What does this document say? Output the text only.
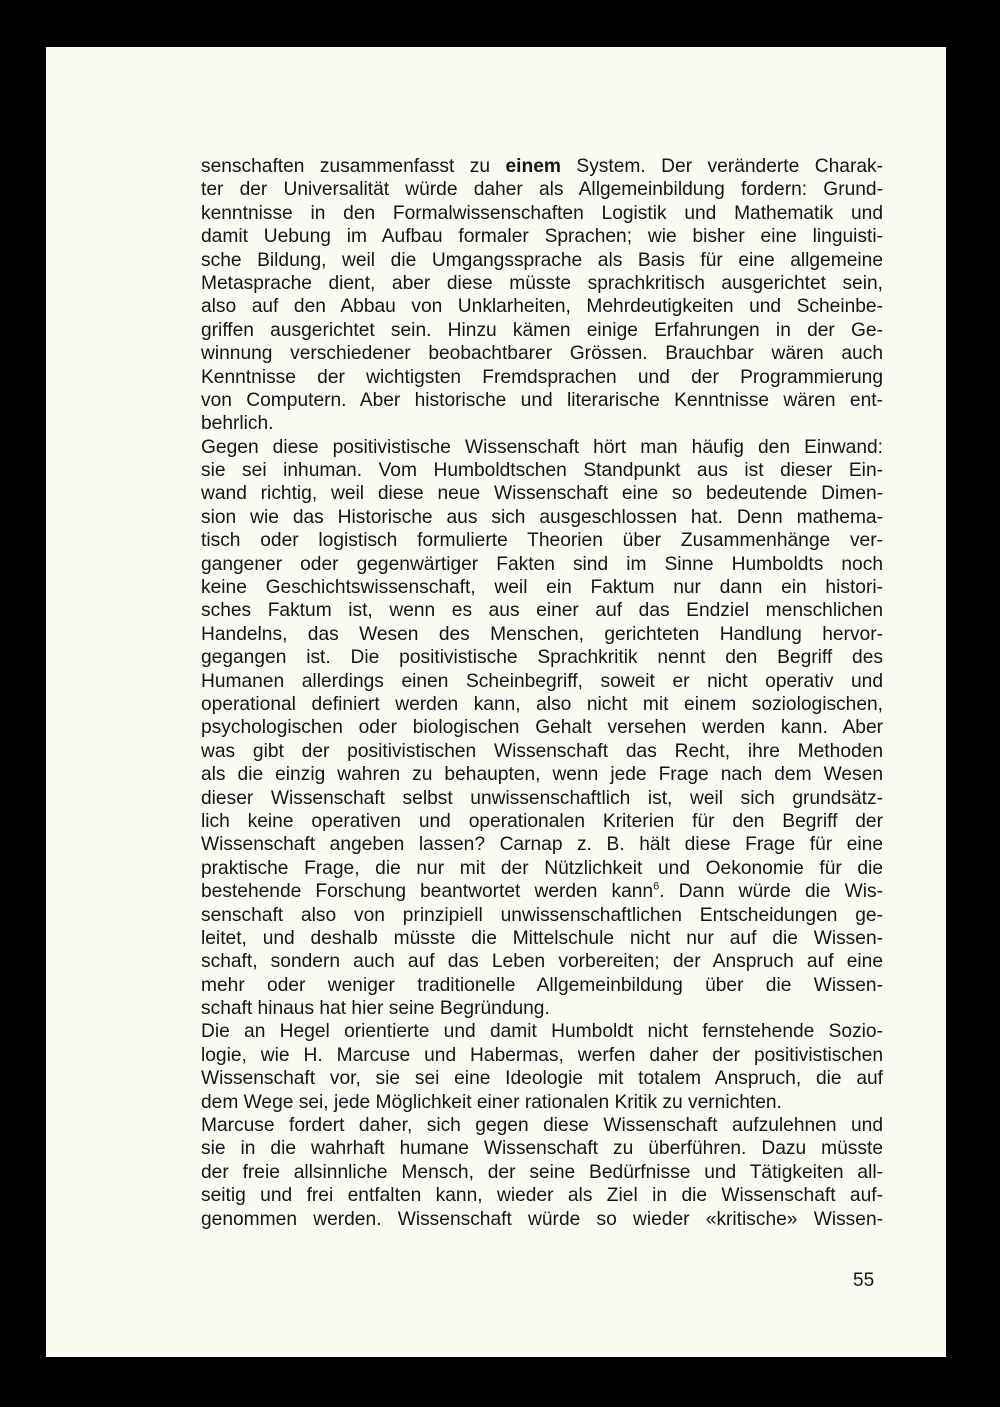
senschaften zusammenfasst zu einem System. Der veränderte Charak-
ter der Universalität würde daher als Allgemeinbildung fordern: Grund-
kenntnisse in den Formalwissenschaften Logistik und Mathematik und
damit Uebung im Aufbau formaler Sprachen; wie bisher eine linguisti-
sche Bildung, weil die Umgangssprache als Basis für eine allgemeine
Metasprache dient, aber diese müsste sprachkritisch ausgerichtet sein,
also auf den Abbau von Unklarheiten, Mehrdeutigkeiten und Scheinbe-
griffen ausgerichtet sein. Hinzu kämen einige Erfahrungen in der Ge-
winnung verschiedener beobachtbarer Grössen. Brauchbar wären auch
Kenntnisse der wichtigsten Fremdsprachen und der Programmierung
von Computern. Aber historische und literarische Kenntnisse wären ent-
behrlich.
Gegen diese positivistische Wissenschaft hört man häufig den Einwand:
sie sei inhuman. Vom Humboldtschen Standpunkt aus ist dieser Ein-
wand richtig, weil diese neue Wissenschaft eine so bedeutende Dimen-
sion wie das Historische aus sich ausgeschlossen hat. Denn mathema-
tisch oder logistisch formulierte Theorien über Zusammenhänge ver-
gangener oder gegenwärtiger Fakten sind im Sinne Humboldts noch
keine Geschichtswissenschaft, weil ein Faktum nur dann ein histori-
sches Faktum ist, wenn es aus einer auf das Endziel menschlichen
Handelns, das Wesen des Menschen, gerichteten Handlung hervor-
gegangen ist. Die positivistische Sprachkritik nennt den Begriff des
Humanen allerdings einen Scheinbegriff, soweit er nicht operativ und
operational definiert werden kann, also nicht mit einem soziologischen,
psychologischen oder biologischen Gehalt versehen werden kann. Aber
was gibt der positivistischen Wissenschaft das Recht, ihre Methoden
als die einzig wahren zu behaupten, wenn jede Frage nach dem Wesen
dieser Wissenschaft selbst unwissenschaftlich ist, weil sich grundsätz-
lich keine operativen und operationalen Kriterien für den Begriff der
Wissenschaft angeben lassen? Carnap z. B. hält diese Frage für eine
praktische Frage, die nur mit der Nützlichkeit und Oekonomie für die
bestehende Forschung beantwortet werden kann$^6$. Dann würde die Wis-
senschaft also von prinzipiell unwissenschaftlichen Entscheidungen ge-
leitet, und deshalb müsste die Mittelschule nicht nur auf die Wissen-
schaft, sondern auch auf das Leben vorbereiten; der Anspruch auf eine
mehr oder weniger traditionelle Allgemeinbildung über die Wissen-
schaft hinaus hat hier seine Begründung.
Die an Hegel orientierte und damit Humboldt nicht fernstehende Sozio-
logie, wie H. Marcuse und Habermas, werfen daher der positivistischen
Wissenschaft vor, sie sei eine Ideologie mit totalem Anspruch, die auf
dem Wege sei, jede Möglichkeit einer rationalen Kritik zu vernichten.
Marcuse fordert daher, sich gegen diese Wissenschaft aufzulehnen und
sie in die wahrhaft humane Wissenschaft zu überführen. Dazu müsste
der freie allsinnliche Mensch, der seine Bedürfnisse und Tätigkeiten all-
seitig und frei entfalten kann, wieder als Ziel in die Wissenschaft auf-
genommen werden. Wissenschaft würde so wieder «kritische» Wissen-
55
